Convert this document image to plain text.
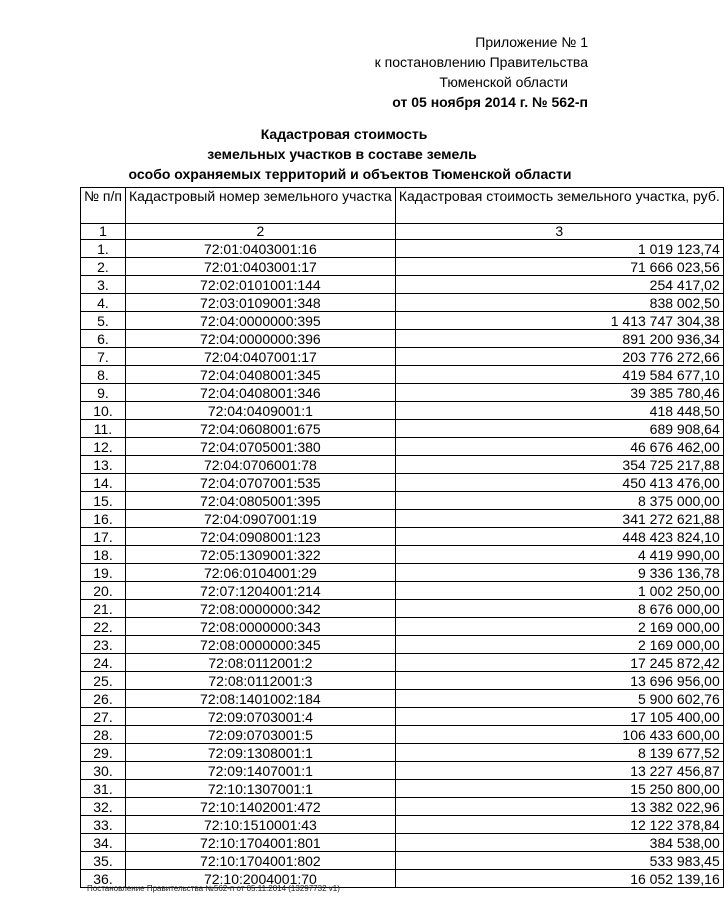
Приложение № 1
к постановлению Правительства
Тюменской области
от 05 ноября 2014 г. № 562-п
Кадастровая стоимость
земельных участков в составе земель
особо охраняемых территорий и объектов Тюменской области
№ п/п	Кадастровый номер земельного участка	Кадастровая стоимость земельного участка, руб.
1	2	3
1.	72:01:0403001:16	1 019 123,74
2.	72:01:0403001:17	71 666 023,56
3.	72:02:0101001:144	254 417,02
4.	72:03:0109001:348	838 002,50
5.	72:04:0000000:395	1 413 747 304,38
6.	72:04:0000000:396	891 200 936,34
7.	72:04:0407001:17	203 776 272,66
8.	72:04:0408001:345	419 584 677,10
9.	72:04:0408001:346	39 385 780,46
10.	72:04:0409001:1	418 448,50
11.	72:04:0608001:675	689 908,64
12.	72:04:0705001:380	46 676 462,00
13.	72:04:0706001:78	354 725 217,88
14.	72:04:0707001:535	450 413 476,00
15.	72:04:0805001:395	8 375 000,00
16.	72:04:0907001:19	341 272 621,88
17.	72:04:0908001:123	448 423 824,10
18.	72:05:1309001:322	4 419 990,00
19.	72:06:0104001:29	9 336 136,78
20.	72:07:1204001:214	1 002 250,00
21.	72:08:0000000:342	8 676 000,00
22.	72:08:0000000:343	2 169 000,00
23.	72:08:0000000:345	2 169 000,00
24.	72:08:0112001:2	17 245 872,42
25.	72:08:0112001:3	13 696 956,00
26.	72:08:1401002:184	5 900 602,76
27.	72:09:0703001:4	17 105 400,00
28.	72:09:0703001:5	106 433 600,00
29.	72:09:1308001:1	8 139 677,52
30.	72:09:1407001:1	13 227 456,87
31.	72:10:1307001:1	15 250 800,00
32.	72:10:1402001:472	13 382 022,96
33.	72:10:1510001:43	12 122 378,84
34.	72:10:1704001:801	384 538,00
35.	72:10:1704001:802	533 983,45
36.	72:10:2004001:70	16 052 139,16
Постановление Правительства №562-п от 05.11.2014 (13297732 v1)
